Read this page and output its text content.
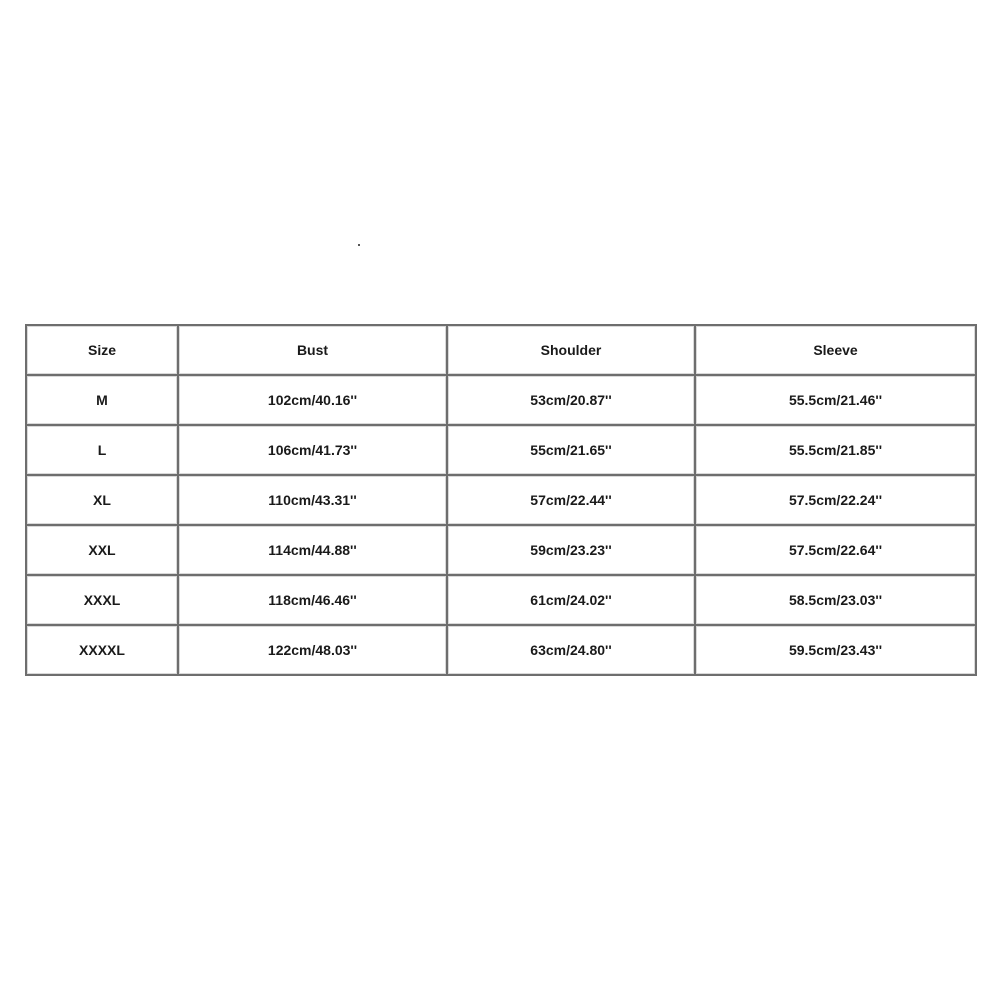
Size	Bust	Shoulder	Sleeve
M	102cm/40.16''	53cm/20.87''	55.5cm/21.46''
L	106cm/41.73''	55cm/21.65''	55.5cm/21.85''
XL	110cm/43.31''	57cm/22.44''	57.5cm/22.24''
XXL	114cm/44.88''	59cm/23.23''	57.5cm/22.64''
XXXL	118cm/46.46''	61cm/24.02''	58.5cm/23.03''
XXXXL	122cm/48.03''	63cm/24.80''	59.5cm/23.43''
